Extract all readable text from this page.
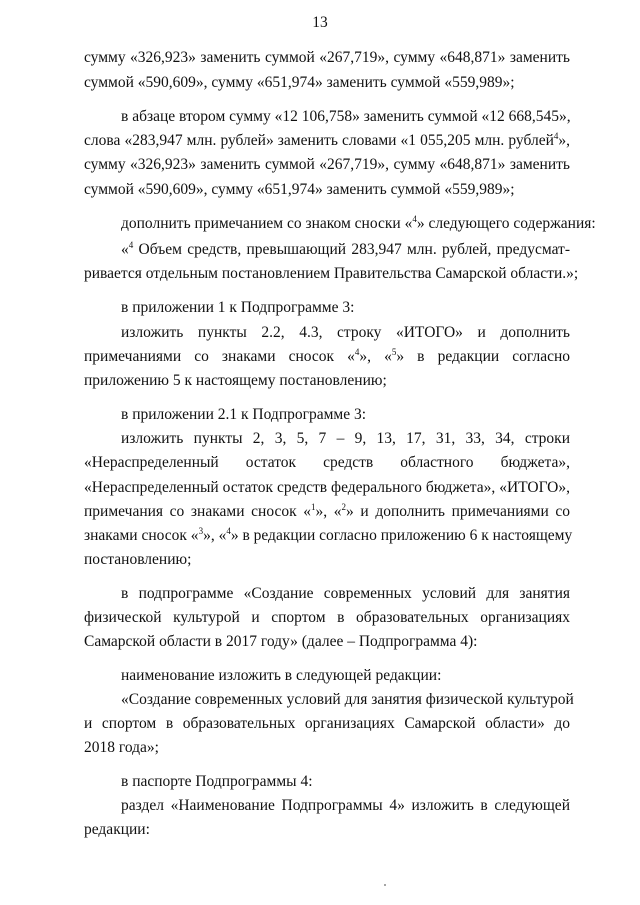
13
сумму «326,923» заменить суммой «267,719», сумму «648,871» заменить
суммой «590,609», сумму «651,974» заменить суммой «559,989»;
в абзаце втором сумму «12 106,758» заменить суммой «12 668,545»,
слова «283,947 млн. рублей» заменить словами «1 055,205 млн. рублей$^4$»,
сумму «326,923» заменить суммой «267,719», сумму «648,871» заменить
суммой «590,609», сумму «651,974» заменить суммой «559,989»;
дополнить примечанием со знаком сноски «$^4$» следующего содержания:
«$^4$ Объем средств, превышающий 283,947 млн. рублей, предусмат-
ривается отдельным постановлением Правительства Самарской области.»;
в приложении 1 к Подпрограмме 3:
изложить пункты 2.2, 4.3, строку «ИТОГО» и дополнить
примечаниями со знаками сносок «$^4$», «$^5$» в редакции согласно
приложению 5 к настоящему постановлению;
в приложении 2.1 к Подпрограмме 3:
изложить пункты 2, 3, 5, 7 – 9, 13, 17, 31, 33, 34, строки
«Нераспределенный остаток средств областного бюджета»,
«Нераспределенный остаток средств федерального бюджета», «ИТОГО»,
примечания со знаками сносок «$^1$», «$^2$» и дополнить примечаниями со
знаками сносок «$^3$», «$^4$» в редакции согласно приложению 6 к настоящему
постановлению;
в подпрограмме «Создание современных условий для занятия
физической культурой и спортом в образовательных организациях
Самарской области в 2017 году» (далее – Подпрограмма 4):
наименование изложить в следующей редакции:
«Создание современных условий для занятия физической культурой
и спортом в образовательных организациях Самарской области» до
2018 года»;
в паспорте Подпрограммы 4:
раздел «Наименование Подпрограммы 4» изложить в следующей
редакции:
